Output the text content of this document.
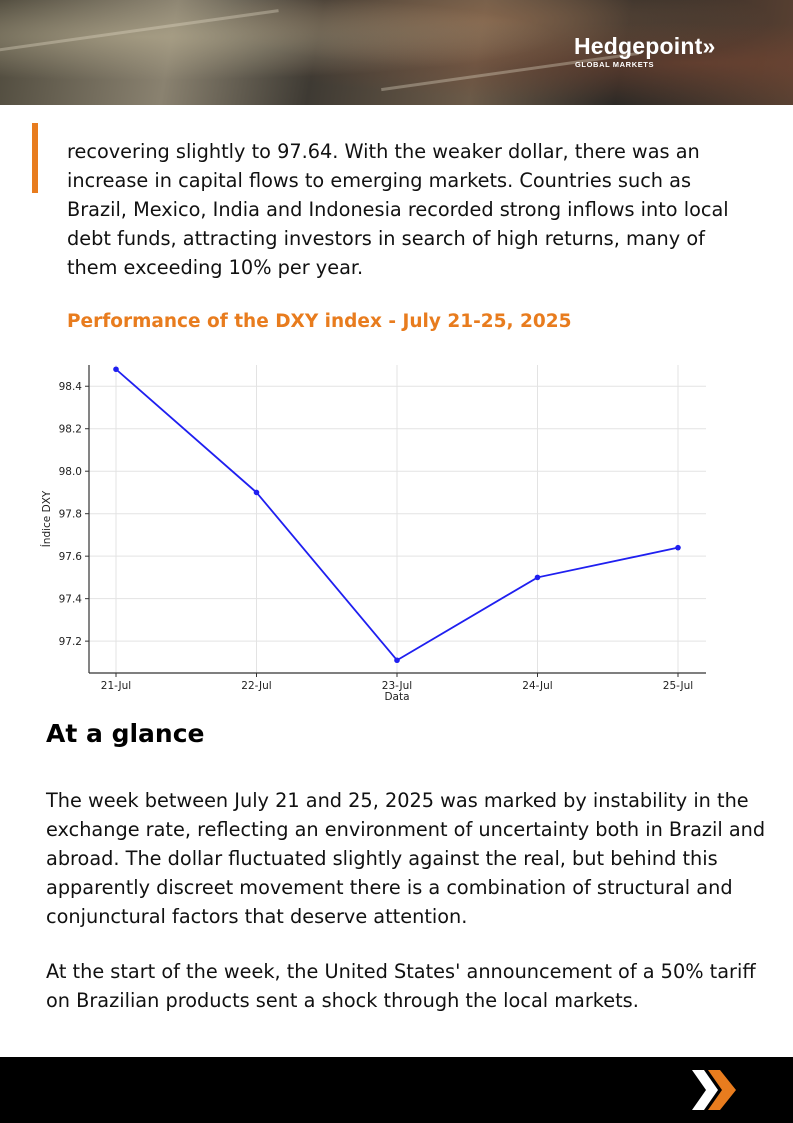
Hedgepoint»
GLOBAL MARKETS

recovering slightly to 97.64. With the weaker dollar, there was an increase in capital flows to emerging markets. Countries such as Brazil, Mexico, India and Indonesia recorded strong inflows into local debt funds, attracting investors in search of high returns, many of them exceeding 10% per year.

Performance of the DXY index - July 21-25, 2025
97.2
97.4
97.6
97.8
98.0
98.2
98.4
21-Jul	22-Jul	23-Jul	24-Jul	25-Jul
Data
Índice DXY
At a glance

The week between July 21 and 25, 2025 was marked by instability in the exchange rate, reflecting an environment of uncertainty both in Brazil and abroad. The dollar fluctuated slightly against the real, but behind this apparently discreet movement there is a combination of structural and conjunctural factors that deserve attention.

At the start of the week, the United States' announcement of a 50% tariff on Brazilian products sent a shock through the local markets.
